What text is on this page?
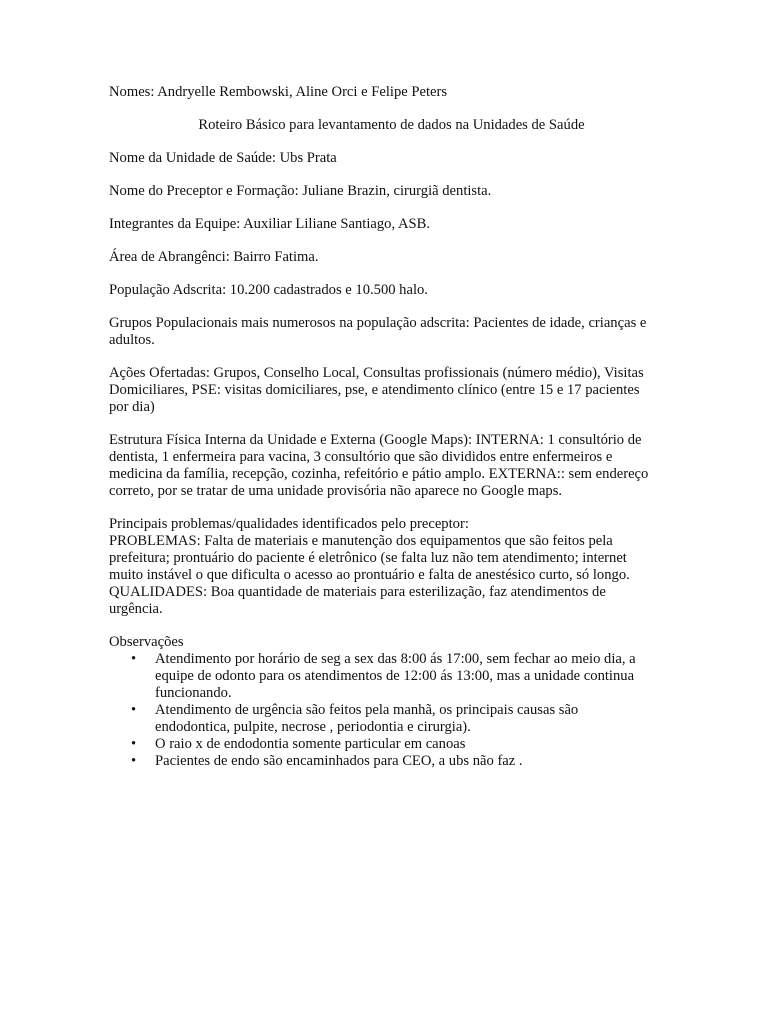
Nomes: Andryelle Rembowski, Aline Orci e Felipe Peters

Roteiro Básico para levantamento de dados na Unidades de Saúde

Nome da Unidade de Saúde: Ubs Prata

Nome do Preceptor e Formação: Juliane Brazin, cirurgiã dentista.

Integrantes da Equipe: Auxiliar Liliane Santiago, ASB.

Área de Abrangênci: Bairro Fatima.

População Adscrita: 10.200 cadastrados e 10.500 halo.

Grupos Populacionais mais numerosos na população adscrita: Pacientes de idade, crianças e adultos.

Ações Ofertadas: Grupos, Conselho Local, Consultas profissionais (número médio), Visitas Domiciliares, PSE: visitas domiciliares, pse, e atendimento clínico (entre 15 e 17 pacientes por dia)

Estrutura Física Interna da Unidade e Externa (Google Maps): INTERNA: 1 consultório de dentista, 1 enfermeira para vacina, 3 consultório que são divididos entre enfermeiros e medicina da família, recepção, cozinha, refeitório e pátio amplo. EXTERNA:: sem endereço correto, por se tratar de uma unidade provisória não aparece no Google maps.

Principais problemas/qualidades identificados pelo preceptor:
PROBLEMAS: Falta de materiais e manutenção dos equipamentos que são feitos pela prefeitura; prontuário do paciente é eletrônico (se falta luz não tem atendimento; internet muito instável o que dificulta o acesso ao prontuário e falta de anestésico curto, só longo.
QUALIDADES: Boa quantidade de materiais para esterilização, faz atendimentos de urgência.
Observações
• Atendimento por horário de seg a sex das 8:00 ás 17:00, sem fechar ao meio dia, a equipe de odonto para os atendimentos de 12:00 ás 13:00, mas a unidade continua funcionando.
• Atendimento de urgência são feitos pela manhã, os principais causas são endodontica, pulpite, necrose , periodontia e cirurgia).
• O raio x de endodontia somente particular em canoas
• Pacientes de endo são encaminhados para CEO, a ubs não faz .
